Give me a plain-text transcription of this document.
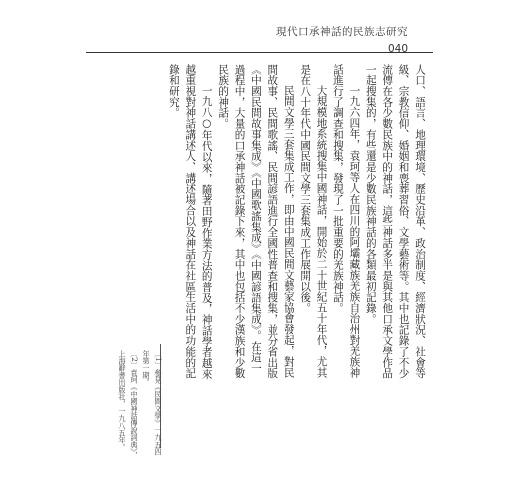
現代口承神話的民族志研究
040

人口、語言、地理環境、歷史沿革、政治制度、經濟狀況、社會等級、宗教信仰、婚姻和喪葬習俗、文學藝術等。其中也記錄了不少流傳在各少數民族中的神話，這些神話多半是與其他口承文學作品一起搜集的，有些還是少數民族神話的各類最初記錄。

一九六四年，袁珂等人在四川的阿壩藏族羌族自治州對羌族神話進行了調查和搜集，發現了一批重要的羌族神話。

大規模地系統搜集中國神話，開始於二十世紀五十年代，尤其是在八十年代中國民間文學三套集成工作展開以後。

民間文學三套集成工作，即由中國民間文藝家協會發起，對民間故事、民間歌謠、民間諺語進行全國性普查和搜集，並分省出版《中國民間故事集成》《中國歌謠集成》《中國諺語集成》。在這一過程中，大量的口承神話被記錄下來，其中也包括不少漢族和少數民族的神話。

一九八○年代以來，隨著田野作業方法的普及，神話學者越來越重視對神話講述人、講述場合以及神話在社區生活中的功能的記錄和研究。

〔1〕參見《民間文學》一九五四年第一期。

〔2〕袁珂《中國神話傳說詞典》，上海辭書出版社，一九八五年。
